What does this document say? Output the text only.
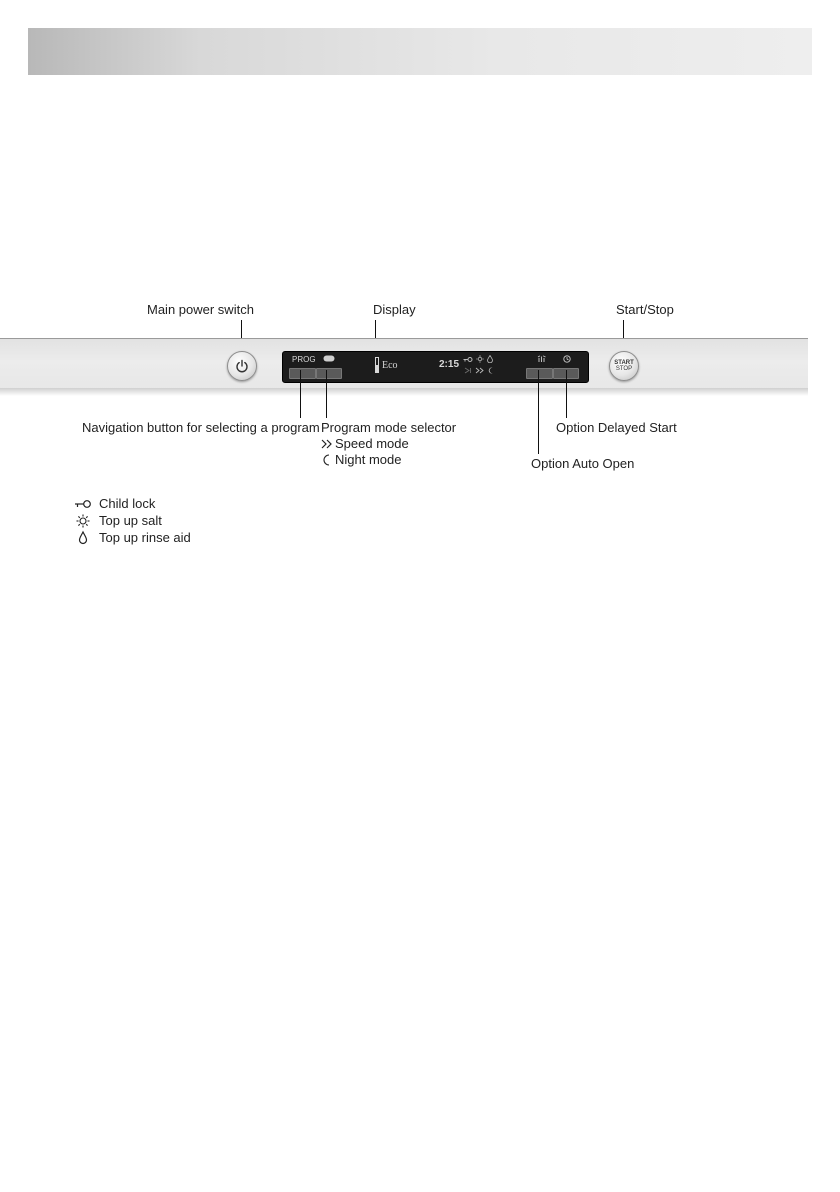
Main power switch	Display	Start/Stop
PROG
Eco	2:15	START
STOP
Navigation button for selecting a program Program mode selector
Speed mode
Night mode
Option Delayed Start
Option Auto Open
Child lock
Top up salt
Top up rinse aid
